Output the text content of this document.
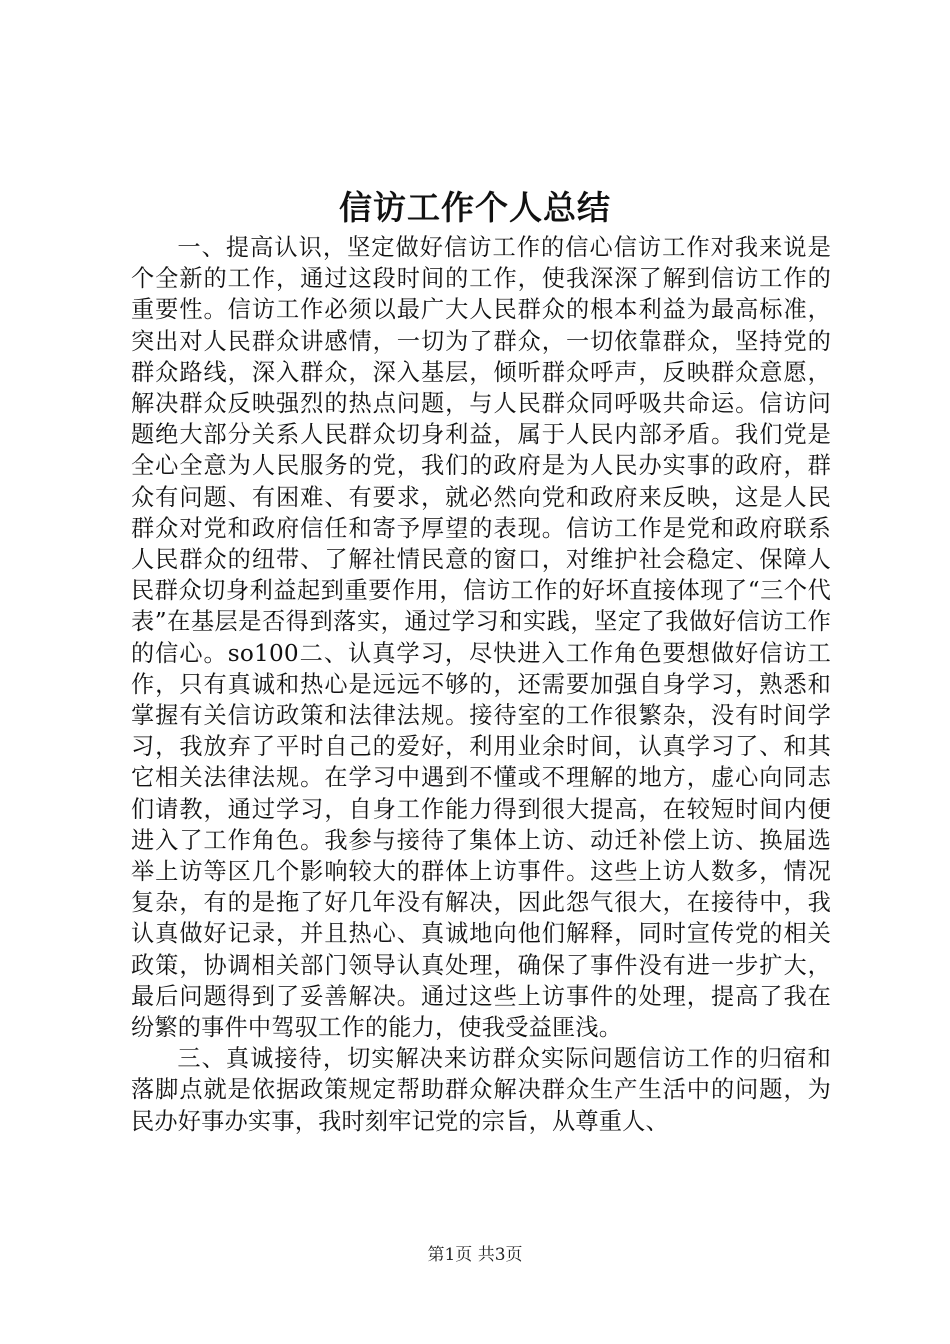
信访工作个人总结

一、提高认识，坚定做好信访工作的信心信访工作对我来说是个全新的工作，通过这段时间的工作，使我深深了解到信访工作的重要性。信访工作必须以最广大人民群众的根本利益为最高标准，突出对人民群众讲感情，一切为了群众，一切依靠群众，坚持党的群众路线，深入群众，深入基层，倾听群众呼声，反映群众意愿，解决群众反映强烈的热点问题，与人民群众同呼吸共命运。信访问题绝大部分关系人民群众切身利益，属于人民内部矛盾。我们党是全心全意为人民服务的党，我们的政府是为人民办实事的政府，群众有问题、有困难、有要求，就必然向党和政府来反映，这是人民群众对党和政府信任和寄予厚望的表现。信访工作是党和政府联系人民群众的纽带、了解社情民意的窗口，对维护社会稳定、保障人民群众切身利益起到重要作用，信访工作的好坏直接体现了“三个代表”在基层是否得到落实，通过学习和实践，坚定了我做好信访工作的信心。so100二、认真学习，尽快进入工作角色要想做好信访工作，只有真诚和热心是远远不够的，还需要加强自身学习，熟悉和掌握有关信访政策和法律法规。接待室的工作很繁杂，没有时间学习，我放弃了平时自己的爱好，利用业余时间，认真学习了、和其它相关法律法规。在学习中遇到不懂或不理解的地方，虚心向同志们请教，通过学习，自身工作能力得到很大提高，在较短时间内便进入了工作角色。我参与接待了集体上访、动迁补偿上访、换届选举上访等区几个影响较大的群体上访事件。这些上访人数多，情况复杂，有的是拖了好几年没有解决，因此怨气很大，在接待中，我认真做好记录，并且热心、真诚地向他们解释，同时宣传党的相关政策，协调相关部门领导认真处理，确保了事件没有进一步扩大，最后问题得到了妥善解决。通过这些上访事件的处理，提高了我在纷繁的事件中驾驭工作的能力，使我受益匪浅。

三、真诚接待，切实解决来访群众实际问题信访工作的归宿和落脚点就是依据政策规定帮助群众解决群众生产生活中的问题，为民办好事办实事，我时刻牢记党的宗旨，从尊重人、

第1页 共3页
